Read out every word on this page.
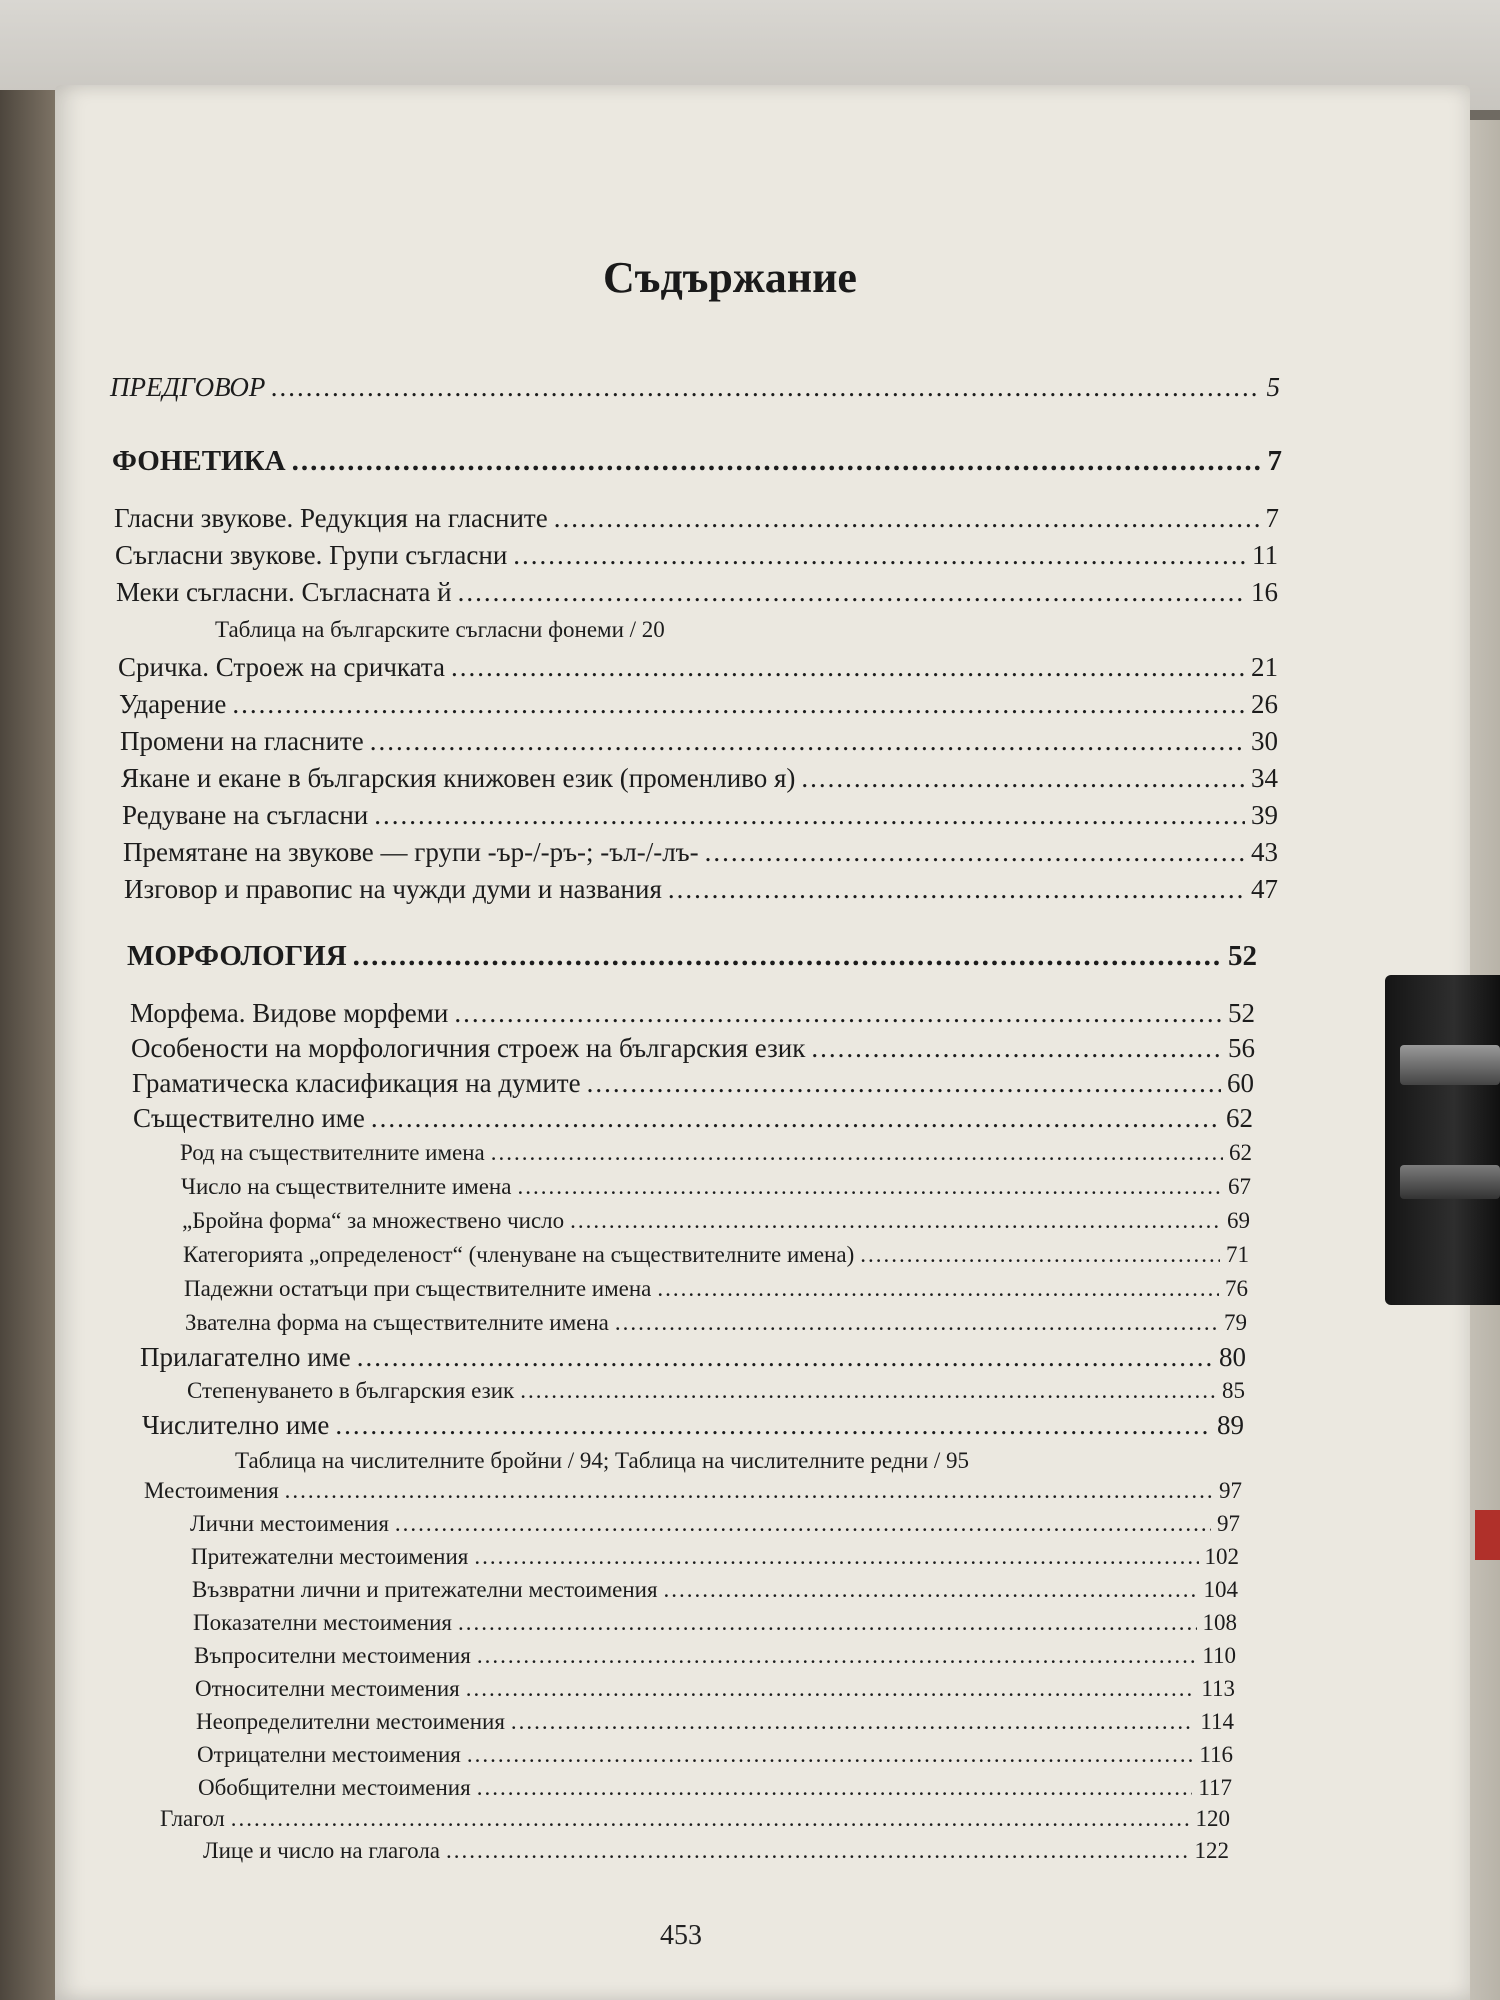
Съдържание
ПРЕДГОВОР .....	5
ФОНЕТИКА .....	7
Гласни звукове. Редукция на гласните .....	7
Съгласни звукове. Групи съгласни .....	11
Меки съгласни. Съгласната й .....	16
Таблица на българските съгласни фонеми / 20
Сричка. Строеж на сричката .....	21
Ударение .....	26
Промени на гласните .....	30
Якане и екане в българския книжовен език (променливо я) .....	34
Редуване на съгласни .....	39
Премятане на звукове — групи -ър-/-ръ-; -ъл-/-лъ- .....	43
Изговор и правопис на чужди думи и названия .....	47
МОРФОЛОГИЯ .....	52
Морфема. Видове морфеми .....	52
Особености на морфологичния строеж на българския език .....	56
Граматическа класификация на думите .....	60
Съществително име .....	62
Род на съществителните имена .....	62
Число на съществителните имена .....	67
„Бройна форма“ за множествено число .....	69
Категорията „определеност“ (членуване на съществителните имена) .....	71
Падежни остатъци при съществителните имена .....	76
Звателна форма на съществителните имена .....	79
Прилагателно име .....	80
Степенуването в българския език .....	85
Числително име .....	89
Таблица на числителните бройни / 94; Таблица на числителните редни / 95
Местоимения .....	97
Лични местоимения .....	97
Притежателни местоимения .....	102
Възвратни лични и притежателни местоимения .....	104
Показателни местоимения .....	108
Въпросителни местоимения .....	110
Относителни местоимения .....	113
Неопределителни местоимения .....	114
Отрицателни местоимения .....	116
Обобщителни местоимения .....	117
Глагол .....	120
Лице и число на глагола .....	122
453
